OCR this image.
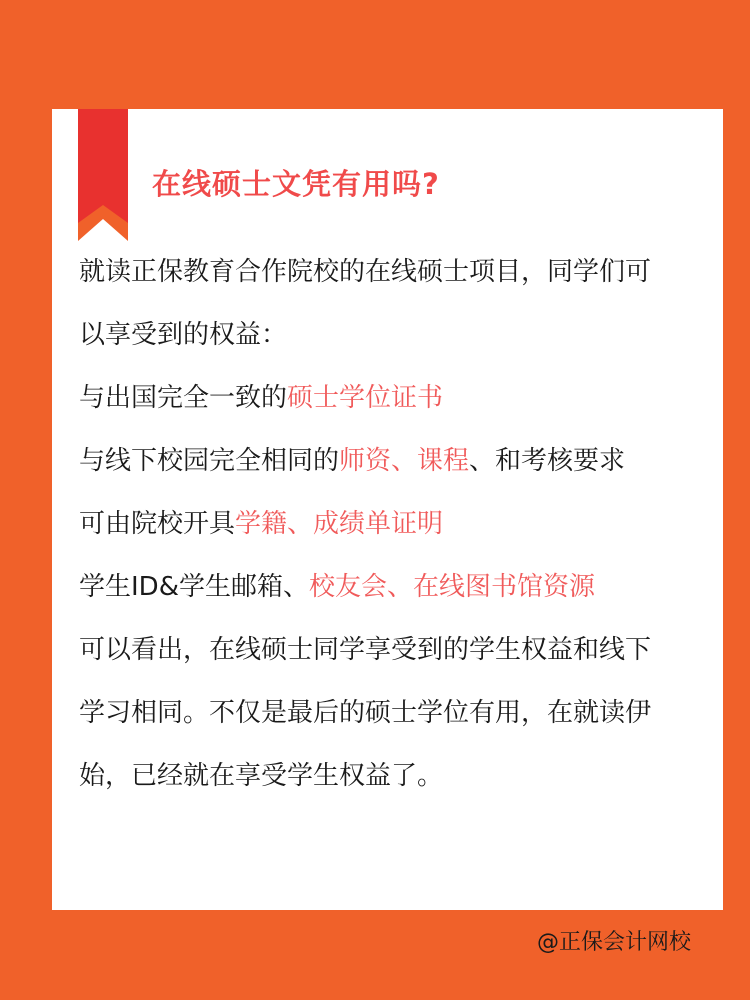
在线硕士文凭有用吗?
就读正保教育合作院校的在线硕士项目，同学们可
以享受到的权益：
与出国完全一致的硕士学位证书
与线下校园完全相同的师资、课程、和考核要求
可由院校开具学籍、成绩单证明
学生ID&学生邮箱、校友会、在线图书馆资源
可以看出，在线硕士同学享受到的学生权益和线下
学习相同。不仅是最后的硕士学位有用，在就读伊
始，已经就在享受学生权益了。
@正保会计网校
